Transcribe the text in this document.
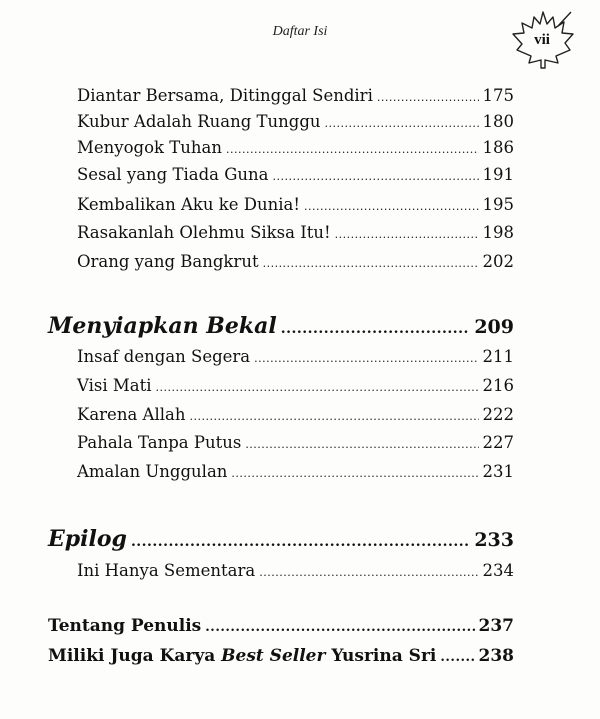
Daftar Isi	vii
Diantar Bersama, Ditinggal Sendiri .....	175
Kubur Adalah Ruang Tunggu .....	180
Menyogok Tuhan .....	186
Sesal yang Tiada Guna .....	191
Kembalikan Aku ke Dunia! .....	195
Rasakanlah Olehmu Siksa Itu! .....	198
Orang yang Bangkrut .....	202
Menyiapkan Bekal .....	209
Insaf dengan Segera .....	211
Visi Mati .....	216
Karena Allah .....	222
Pahala Tanpa Putus .....	227
Amalan Unggulan .....	231
Epilog .....	233
Ini Hanya Sementara .....	234
Tentang Penulis .....	237
Miliki Juga Karya Best Seller Yusrina Sri ..... 238
